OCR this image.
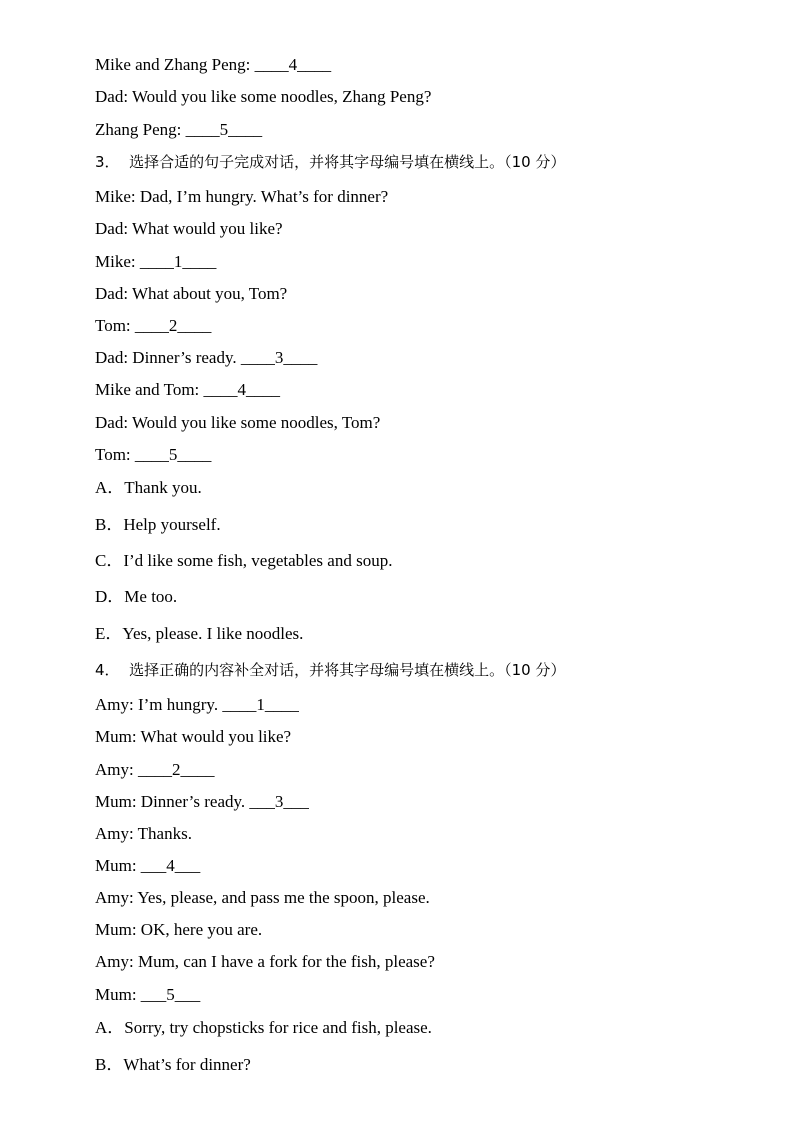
Mike and Zhang Peng: ____4____
Dad: Would you like some noodles, Zhang Peng?
Zhang Peng: ____5____
3．  选择合适的句子完成对话，并将其字母编号填在横线上。（10 分）
Mike: Dad, I’m hungry. What’s for dinner?
Dad: What would you like?
Mike: ____1____
Dad: What about you, Tom?
Tom: ____2____
Dad: Dinner’s ready. ____3____
Mike and Tom: ____4____
Dad: Would you like some noodles, Tom?
Tom: ____5____
A．Thank you.
B．Help yourself.
C．I’d like some fish, vegetables and soup.
D．Me too.
E．Yes, please. I like noodles.
4．  选择正确的内容补全对话，并将其字母编号填在横线上。（10 分）
Amy: I’m hungry. ____1____
Mum: What would you like?
Amy: ____2____
Mum: Dinner’s ready. ___3___
Amy: Thanks.
Mum: ___4___
Amy: Yes, please, and pass me the spoon, please.
Mum: OK, here you are.
Amy: Mum, can I have a fork for the fish, please?
Mum: ___5___
A．Sorry, try chopsticks for rice and fish, please.
B．What’s for dinner?
